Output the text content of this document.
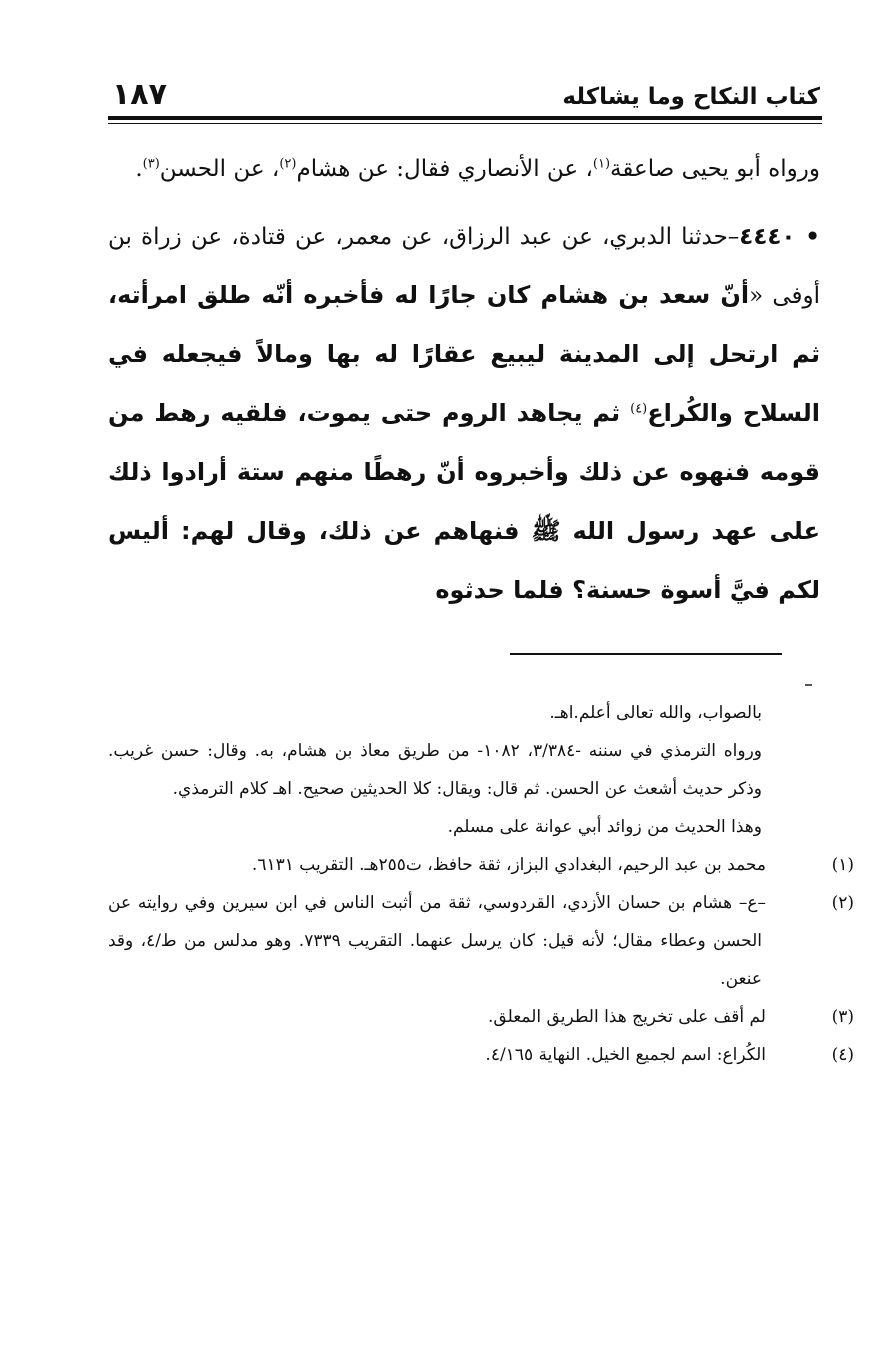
١٨٧	كتاب النكاح وما يشاكله

ورواه أبو يحيى صاعقة$^{(١)}$، عن الأنصاري فقال: عن هشام$^{(٢)}$، عن الحسن$^{(٣)}$.

• ٤٤٤٠–حدثنا الدبري، عن عبد الرزاق، عن معمر، عن قتادة، عن زراة بن أوفى «أنّ سعد بن هشام كان جارًا له فأخبره أنّه طلق امرأته، ثم ارتحل إلى المدينة ليبيع عقارًا له بها ومالاً فيجعله في السلاح والكُراع$^{(٤)}$ ثم يجاهد الروم حتى يموت، فلقيه رهط من قومه فنهوه عن ذلك وأخبروه أنّ رهطًا منهم ستة أرادوا ذلك على عهد رسول الله ﷺ فنهاهم عن ذلك، وقال لهم: أليس لكم فيَّ أسوة حسنة؟ فلما حدثوه

بالصواب، والله تعالى أعلم.اهـ.

ورواه الترمذي في سننه -٣/٣٨٤، ١٠٨٢- من طريق معاذ بن هشام، به. وقال: حسن غريب. وذكر حديث أشعث عن الحسن. ثم قال: ويقال: كلا الحديثين صحيح. اهـ كلام الترمذي.

وهذا الحديث من زوائد أبي عوانة على مسلم.

(١)محمد بن عبد الرحيم، البغدادي البزاز، ثقة حافظ، ت٢٥٥هـ. التقريب ٦١٣١.

(٢)–ع– هشام بن حسان الأزدي، القردوسي، ثقة من أثبت الناس في ابن سيرين وفي روايته عن الحسن وعطاء مقال؛ لأنه قيل: كان يرسل عنهما. التقريب ٧٣٣٩. وهو مدلس من ط/٤، وقد عنعن.

(٣)لم أقف على تخريج هذا الطريق المعلق.

(٤)الكُراع: اسم لجميع الخيل. النهاية ٤/١٦٥.
